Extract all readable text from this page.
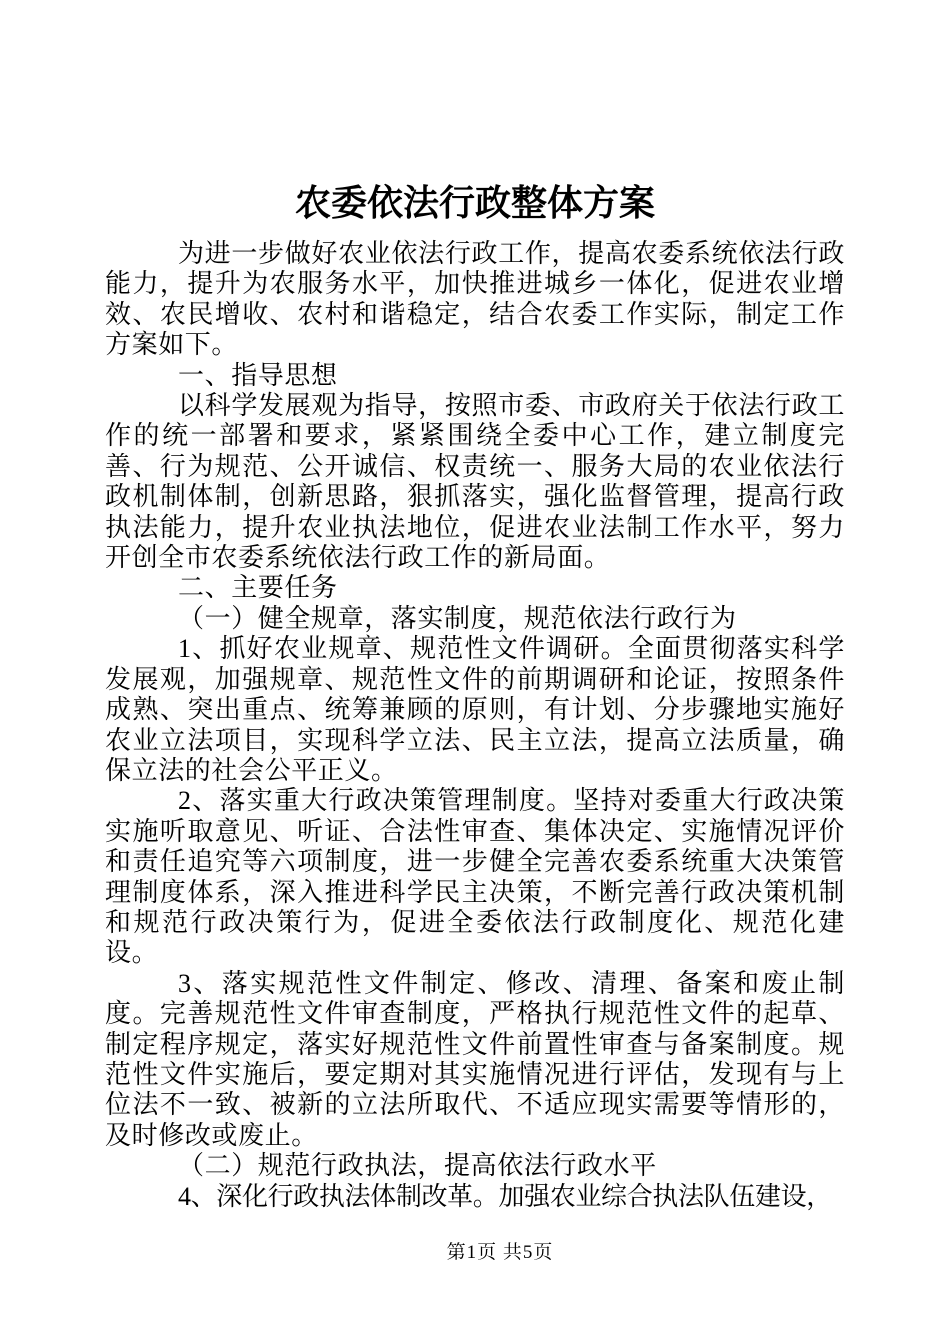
农委依法行政整体方案

为进一步做好农业依法行政工作，提高农委系统依法行政能力，提升为农服务水平，加快推进城乡一体化，促进农业增效、农民增收、农村和谐稳定，结合农委工作实际，制定工作方案如下。

一、指导思想

以科学发展观为指导，按照市委、市政府关于依法行政工作的统一部署和要求，紧紧围绕全委中心工作，建立制度完善、行为规范、公开诚信、权责统一、服务大局的农业依法行政机制体制，创新思路，狠抓落实，强化监督管理，提高行政执法能力，提升农业执法地位，促进农业法制工作水平，努力开创全市农委系统依法行政工作的新局面。

二、主要任务

（一）健全规章，落实制度，规范依法行政行为

1、抓好农业规章、规范性文件调研。全面贯彻落实科学发展观，加强规章、规范性文件的前期调研和论证，按照条件成熟、突出重点、统筹兼顾的原则，有计划、分步骤地实施好农业立法项目，实现科学立法、民主立法，提高立法质量，确保立法的社会公平正义。

2、落实重大行政决策管理制度。坚持对委重大行政决策实施听取意见、听证、合法性审查、集体决定、实施情况评价和责任追究等六项制度，进一步健全完善农委系统重大决策管理制度体系，深入推进科学民主决策，不断完善行政决策机制和规范行政决策行为，促进全委依法行政制度化、规范化建设。

3、落实规范性文件制定、修改、清理、备案和废止制度。完善规范性文件审查制度，严格执行规范性文件的起草、制定程序规定，落实好规范性文件前置性审查与备案制度。规范性文件实施后，要定期对其实施情况进行评估，发现有与上位法不一致、被新的立法所取代、不适应现实需要等情形的，及时修改或废止。

（二）规范行政执法，提高依法行政水平

4、深化行政执法体制改革。加强农业综合执法队伍建设，

第1页 共5页
